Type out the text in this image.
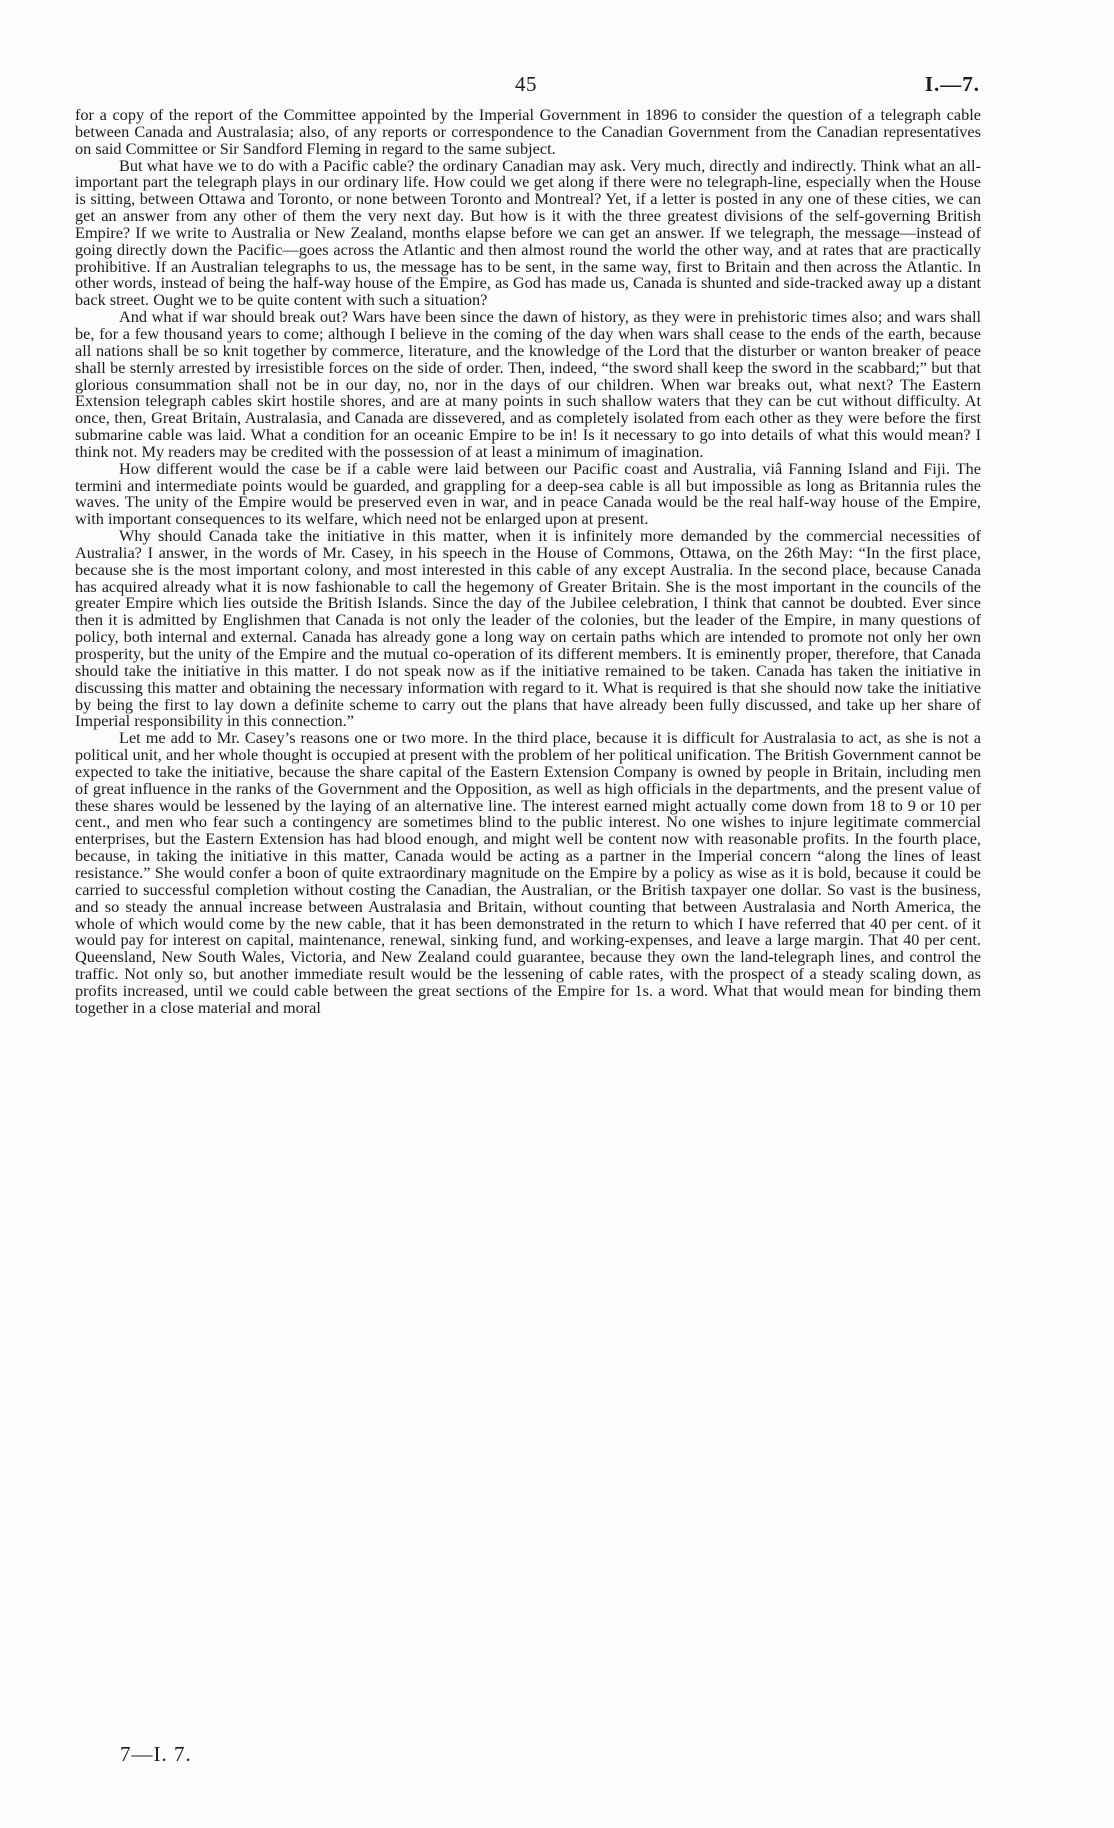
45	I.—7.

for a copy of the report of the Committee appointed by the Imperial Government in 1896 to consider the question of a telegraph cable between Canada and Australasia; also, of any reports or correspondence to the Canadian Government from the Canadian representatives on said Committee or Sir Sandford Fleming in regard to the same subject.

But what have we to do with a Pacific cable? the ordinary Canadian may ask. Very much, directly and indirectly. Think what an all-important part the telegraph plays in our ordinary life. How could we get along if there were no telegraph-line, especially when the House is sitting, between Ottawa and Toronto, or none between Toronto and Montreal? Yet, if a letter is posted in any one of these cities, we can get an answer from any other of them the very next day. But how is it with the three greatest divisions of the self-governing British Empire? If we write to Australia or New Zealand, months elapse before we can get an answer. If we telegraph, the message—instead of going directly down the Pacific—goes across the Atlantic and then almost round the world the other way, and at rates that are practically prohibitive. If an Australian telegraphs to us, the message has to be sent, in the same way, first to Britain and then across the Atlantic. In other words, instead of being the half-way house of the Empire, as God has made us, Canada is shunted and side-tracked away up a distant back street. Ought we to be quite content with such a situation?

And what if war should break out? Wars have been since the dawn of history, as they were in prehistoric times also; and wars shall be, for a few thousand years to come; although I believe in the coming of the day when wars shall cease to the ends of the earth, because all nations shall be so knit together by commerce, literature, and the knowledge of the Lord that the disturber or wanton breaker of peace shall be sternly arrested by irresistible forces on the side of order. Then, indeed, “the sword shall keep the sword in the scabbard;” but that glorious consummation shall not be in our day, no, nor in the days of our children. When war breaks out, what next? The Eastern Extension telegraph cables skirt hostile shores, and are at many points in such shallow waters that they can be cut without difficulty. At once, then, Great Britain, Australasia, and Canada are dissevered, and as completely isolated from each other as they were before the first submarine cable was laid. What a condition for an oceanic Empire to be in! Is it necessary to go into details of what this would mean? I think not. My readers may be credited with the possession of at least a minimum of imagination.

How different would the case be if a cable were laid between our Pacific coast and Australia, viâ Fanning Island and Fiji. The termini and intermediate points would be guarded, and grappling for a deep-sea cable is all but impossible as long as Britannia rules the waves. The unity of the Empire would be preserved even in war, and in peace Canada would be the real half-way house of the Empire, with important consequences to its welfare, which need not be enlarged upon at present.

Why should Canada take the initiative in this matter, when it is infinitely more demanded by the commercial necessities of Australia? I answer, in the words of Mr. Casey, in his speech in the House of Commons, Ottawa, on the 26th May: “In the first place, because she is the most important colony, and most interested in this cable of any except Australia. In the second place, because Canada has acquired already what it is now fashionable to call the hegemony of Greater Britain. She is the most important in the councils of the greater Empire which lies outside the British Islands. Since the day of the Jubilee celebration, I think that cannot be doubted. Ever since then it is admitted by Englishmen that Canada is not only the leader of the colonies, but the leader of the Empire, in many questions of policy, both internal and external. Canada has already gone a long way on certain paths which are intended to promote not only her own prosperity, but the unity of the Empire and the mutual co-operation of its different members. It is eminently proper, therefore, that Canada should take the initiative in this matter. I do not speak now as if the initiative remained to be taken. Canada has taken the initiative in discussing this matter and obtaining the necessary information with regard to it. What is required is that she should now take the initiative by being the first to lay down a definite scheme to carry out the plans that have already been fully discussed, and take up her share of Imperial responsibility in this connection.”

Let me add to Mr. Casey’s reasons one or two more. In the third place, because it is difficult for Australasia to act, as she is not a political unit, and her whole thought is occupied at present with the problem of her political unification. The British Government cannot be expected to take the initiative, because the share capital of the Eastern Extension Company is owned by people in Britain, including men of great influence in the ranks of the Government and the Opposition, as well as high officials in the departments, and the present value of these shares would be lessened by the laying of an alternative line. The interest earned might actually come down from 18 to 9 or 10 per cent., and men who fear such a contingency are sometimes blind to the public interest. No one wishes to injure legitimate commercial enterprises, but the Eastern Extension has had blood enough, and might well be content now with reasonable profits. In the fourth place, because, in taking the initiative in this matter, Canada would be acting as a partner in the Imperial concern “along the lines of least resistance.” She would confer a boon of quite extraordinary magnitude on the Empire by a policy as wise as it is bold, because it could be carried to successful completion without costing the Canadian, the Australian, or the British taxpayer one dollar. So vast is the business, and so steady the annual increase between Australasia and Britain, without counting that between Australasia and North America, the whole of which would come by the new cable, that it has been demonstrated in the return to which I have referred that 40 per cent. of it would pay for interest on capital, maintenance, renewal, sinking fund, and working-expenses, and leave a large margin. That 40 per cent. Queensland, New South Wales, Victoria, and New Zealand could guarantee, because they own the land-telegraph lines, and control the traffic. Not only so, but another immediate result would be the lessening of cable rates, with the prospect of a steady scaling down, as profits increased, until we could cable between the great sections of the Empire for 1s. a word. What that would mean for binding them together in a close material and moral

7—I. 7.
